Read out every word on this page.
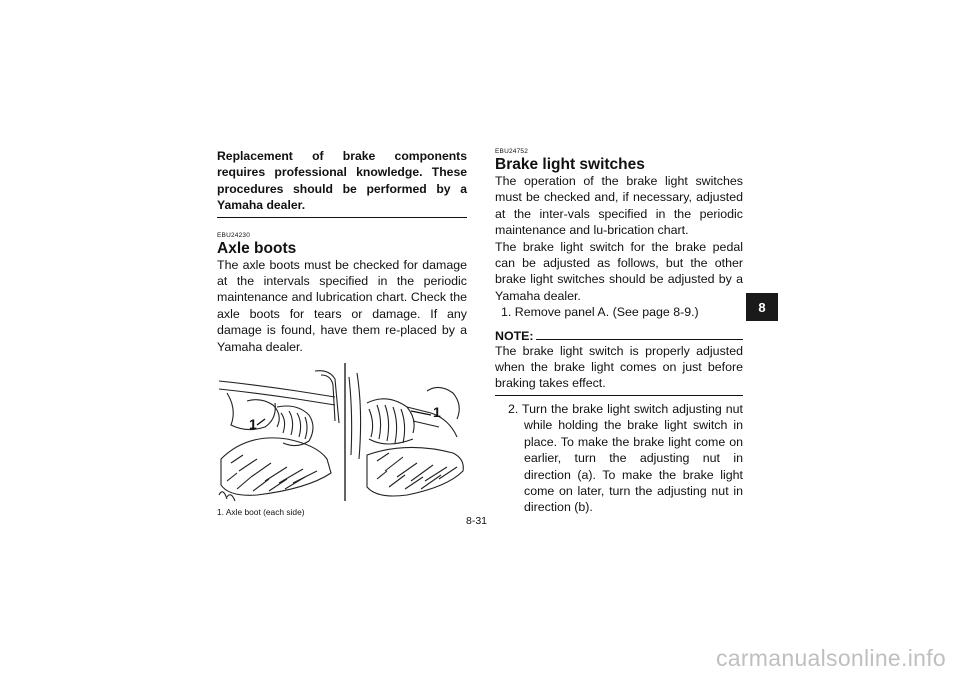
Replacement of brake components requires professional knowledge. These procedures should be performed by a Yamaha dealer.
EBU24230
Axle boots

The axle boots must be checked for damage at the intervals specified in the periodic maintenance and lubrication chart. Check the axle boots for tears or damage. If any damage is found, have them re-placed by a Yamaha dealer.

1
1
1. Axle boot (each side)
EBU24752
Brake light switches

The operation of the brake light switches must be checked and, if necessary, adjusted at the inter-vals specified in the periodic maintenance and lu-brication chart.

The brake light switch for the brake pedal can be adjusted as follows, but the other brake light switches should be adjusted by a Yamaha dealer.

1. Remove panel A. (See page 8-9.)
NOTE:

The brake light switch is properly adjusted when the brake light comes on just before braking takes effect.

2. Turn the brake light switch adjusting nut while holding the brake light switch in place. To make the brake light come on earlier, turn the adjusting nut in direction (a). To make the brake light come on later, turn the adjusting nut in direction (b).
8-31
8
carmanualsonline.info
